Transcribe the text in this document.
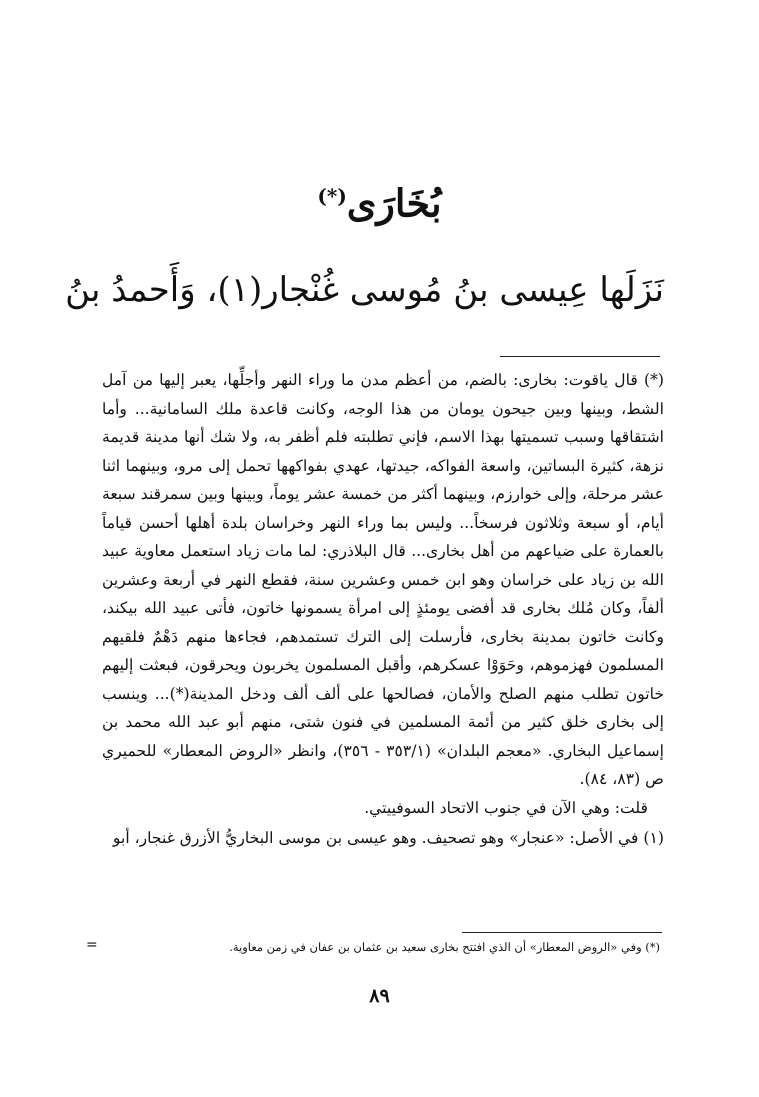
بُخَارَى(*)
نَزَلَها عِيسى بنُ مُوسى غُنْجار(١)، وَأَحمدُ بنُ

(*) قال ياقوت: بخارى: بالضم، من أعظم مدن ما وراء النهر وأجلِّها، يعبر إليها من آمل الشط، وبينها وبين جيحون يومان من هذا الوجه، وكانت قاعدة ملك السامانية... وأما اشتقاقها وسبب تسميتها بهذا الاسم، فإني تطلبته فلم أظفر به، ولا شك أنها مدينة قديمة نزهة، كثيرة البساتين، واسعة الفواكه، جيدتها، عهدي بفواكهها تحمل إلى مرو، وبينهما اثنا عشر مرحلة، وإلى خوارزم، وبينهما أكثر من خمسة عشر يوماً، وبينها وبين سمرقند سبعة أيام، أو سبعة وثلاثون فرسخاً... وليس بما وراء النهر وخراسان بلدة أهلها أحسن قياماً بالعمارة على ضياعهم من أهل بخارى... قال البلاذري: لما مات زياد استعمل معاوية عبيد الله بن زياد على خراسان وهو ابن خمس وعشرين سنة، فقطع النهر في أربعة وعشرين ألفاً، وكان مُلك بخارى قد أفضى يومئذٍ إلى امرأة يسمونها خاتون، فأتى عبيد الله بيكند، وكانت خاتون بمدينة بخارى، فأرسلت إلى الترك تستمدهم، فجاءها منهم دَهْمٌ فلقيهم المسلمون فهزموهم، وحَوَوْا عسكرهم، وأقبل المسلمون يخربون ويحرقون، فبعثت إليهم خاتون تطلب منهم الصلح والأمان، فصالحها على ألف ألف ودخل المدينة(*)... وينسب إلى بخارى خلق كثير من أئمة المسلمين في فنون شتى، منهم أبو عبد الله محمد بن إسماعيل البخاري. «معجم البلدان» (٣٥٣/١ - ٣٥٦)، وانظر «الروض المعطار» للحميري ص (٨٣، ٨٤).

قلت: وهي الآن في جنوب الاتحاد السوفييتي.

(١) في الأصل: «عنجار» وهو تصحيف. وهو عيسى بن موسى البخاريُّ الأزرق غنجار، أبو

(*) وفي «الروض المعطار» أن الذي افتتح بخارى سعيد بن عثمان بن عفان في زمن معاوية.
=
٨٩
